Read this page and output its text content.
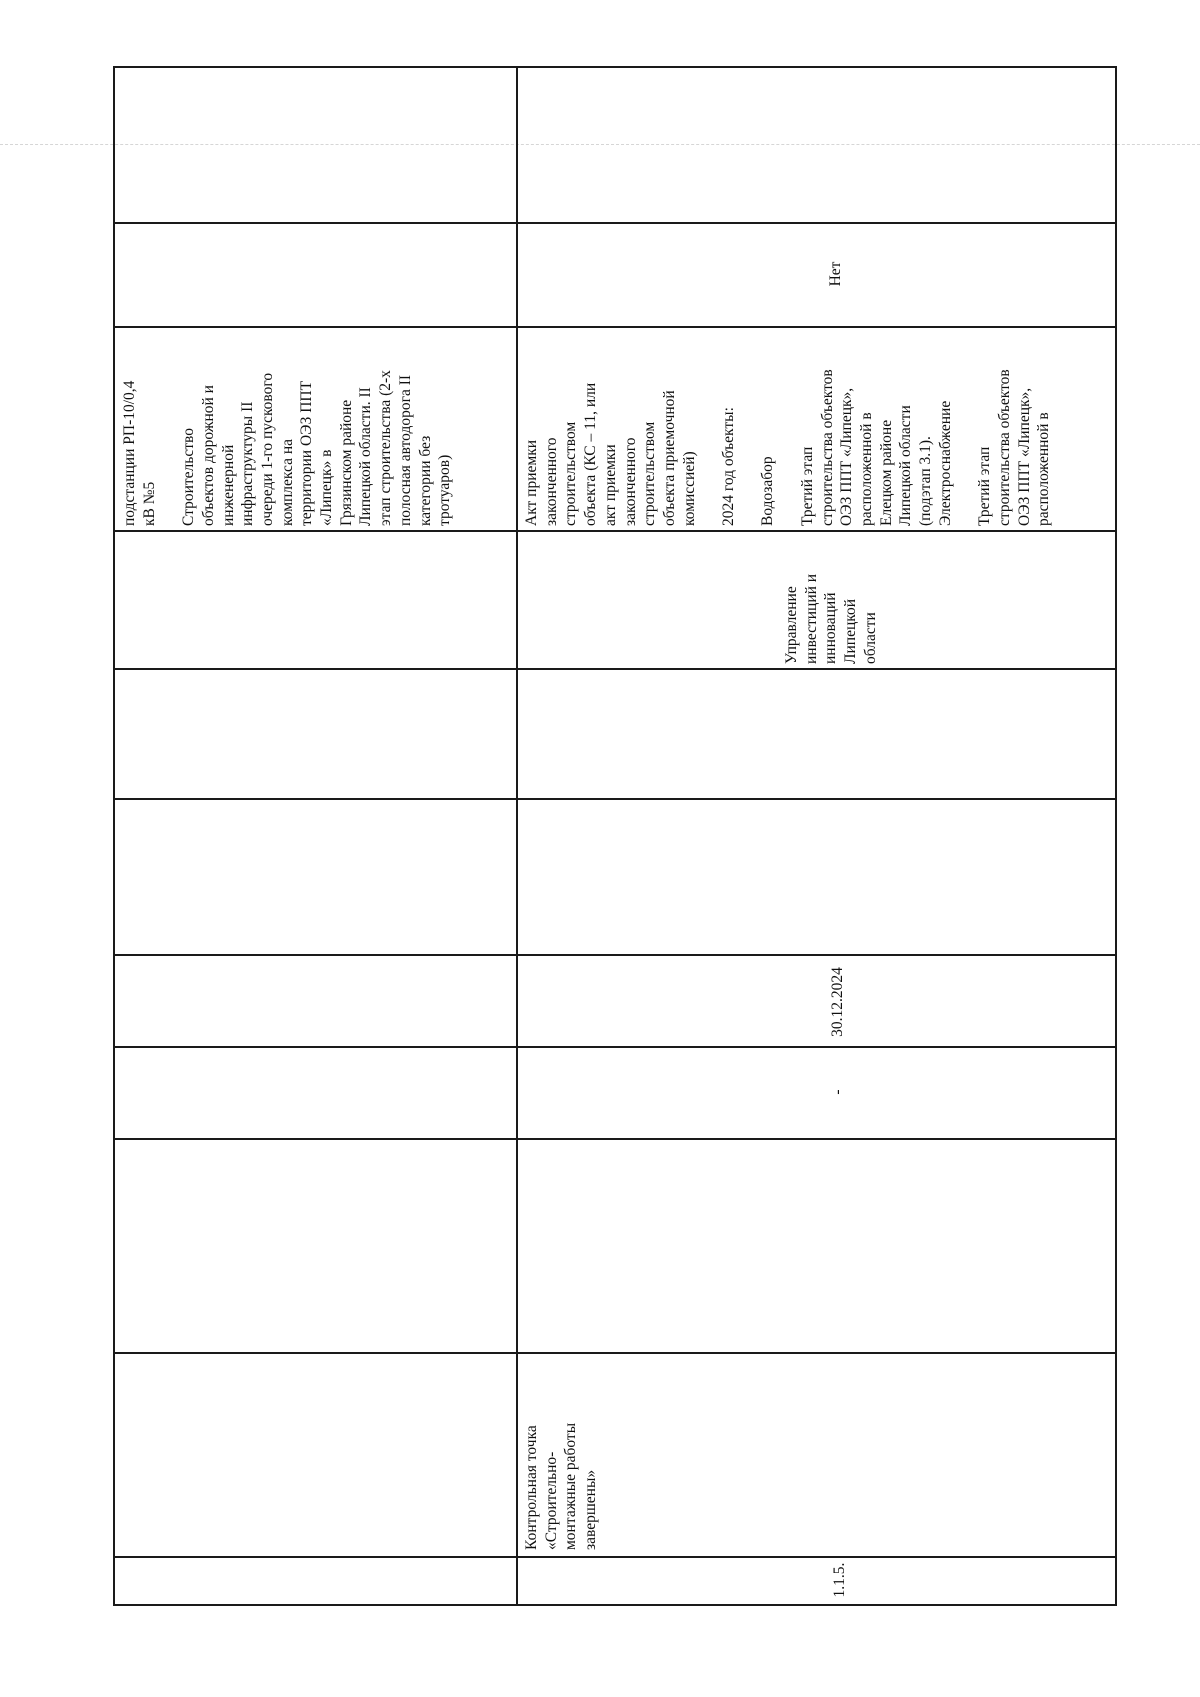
подстанции РП-10/0,4 кВ №5 Строительство объектов дорожной и инженерной инфраструктуры II очереди 1-го пускового комплекса на территории ОЭЗ ППТ «Липецк» в Грязинском районе Липецкой области. II этап строительства (2-х полосная автодорога II категории без тротуаров)
1.1.5.
Контрольная точка «Строительно- монтажные работы завершены»
-
30.12.2024
Управление инвестиций и инноваций Липецкой области
Акт приемки законченного строительством объекта (КС – 11, или акт приемки законченного строительством объекта приемочной комиссией) 2024 год объекты: Водозабор Третий этап строительства объектов ОЭЗ ППТ «Липецк», расположенной в Елецком районе Липецкой области (подэтап 3.1). Электроснабжение Третий этап строительства объектов ОЭЗ ППТ «Липецк», расположенной в
Нет
